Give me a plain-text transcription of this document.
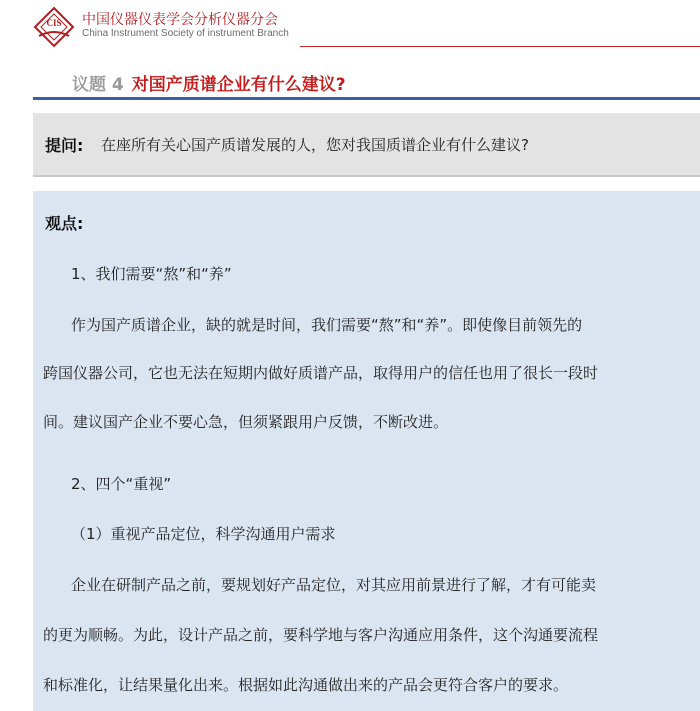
CIS 中国仪器仪表学会分析仪器分会
China Instrument Society of instrument Branch
议题 4 对国产质谱企业有什么建议?
提问: 在座所有关心国产质谱发展的人，您对我国质谱企业有什么建议?
观点:
1、我们需要“熬”和“养”
作为国产质谱企业，缺的就是时间，我们需要“熬”和“养”。即使像目前领先的
跨国仪器公司，它也无法在短期内做好质谱产品，取得用户的信任也用了很长一段时
间。建议国产企业不要心急，但须紧跟用户反馈，不断改进。
2、四个“重视”
（1）重视产品定位，科学沟通用户需求
企业在研制产品之前，要规划好产品定位，对其应用前景进行了解，才有可能卖
的更为顺畅。为此，设计产品之前，要科学地与客户沟通应用条件，这个沟通要流程
和标准化，让结果量化出来。根据如此沟通做出来的产品会更符合客户的要求。
